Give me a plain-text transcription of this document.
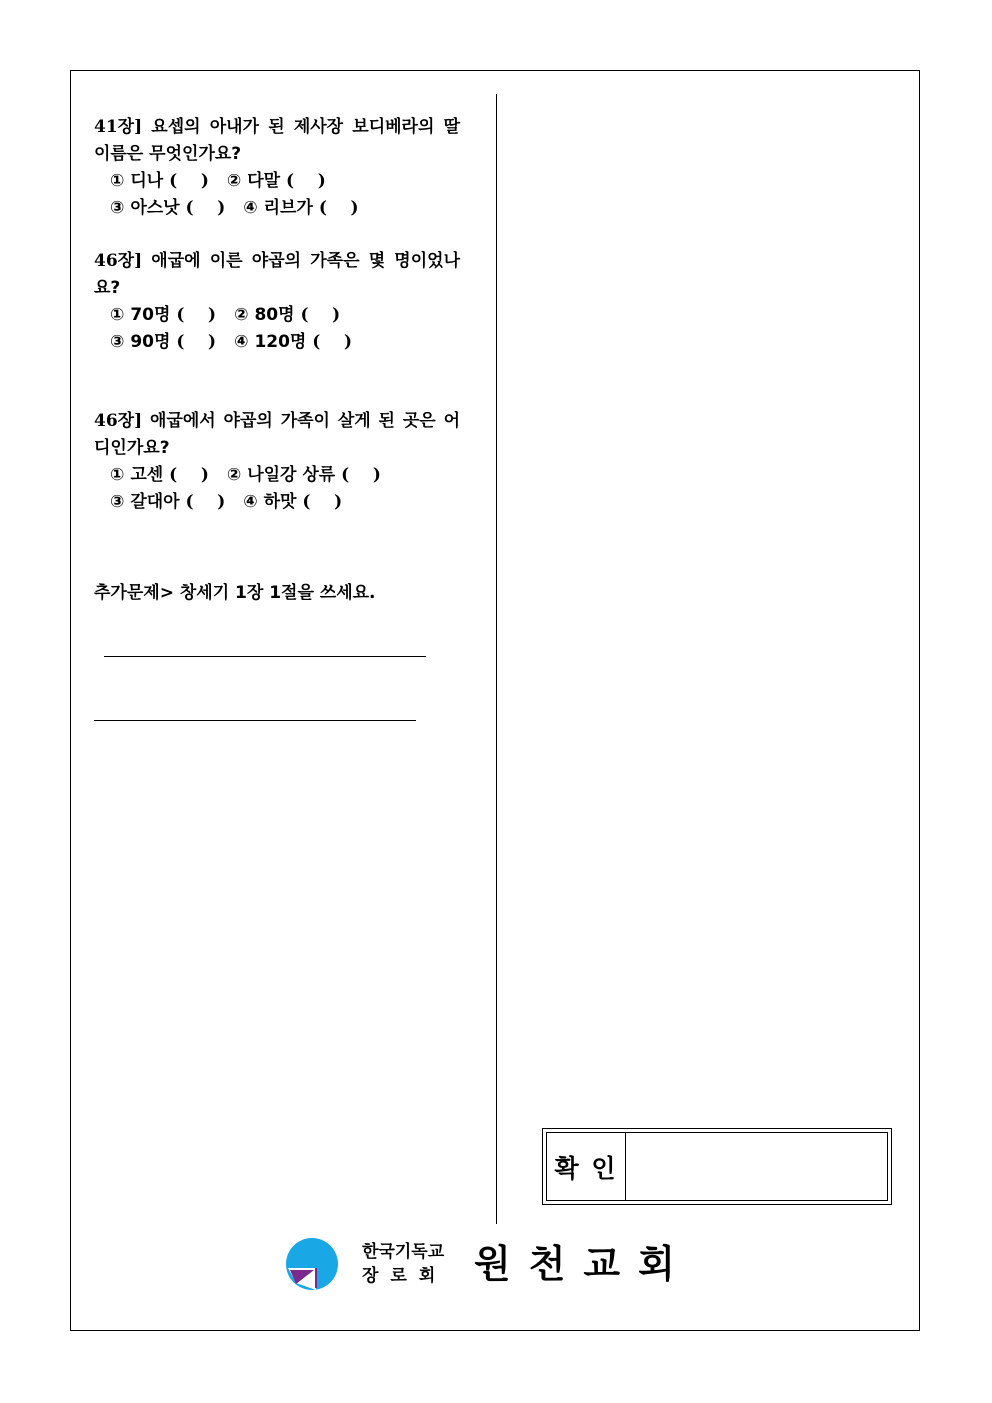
41장] 요셉의 아내가 된 제사장 보디베라의 딸 이름은 무엇인가요?
① 디나 (    ) ② 다말 (    )
③ 아스낫 (    ) ④ 리브가 (    )
46장] 애굽에 이른 야곱의 가족은 몇 명이었나요?
① 70명 (    ) ② 80명 (    )
③ 90명 (    ) ④ 120명 (    )
46장] 애굽에서 야곱의 가족이 살게 된 곳은 어디인가요?
① 고센 (    ) ② 나일강 상류 (    )
③ 갈대아 (    ) ④ 하맛 (    )
추가문제> 창세기 1장 1절을 쓰세요.
확 인
한국기독교
장로회 원천교회
